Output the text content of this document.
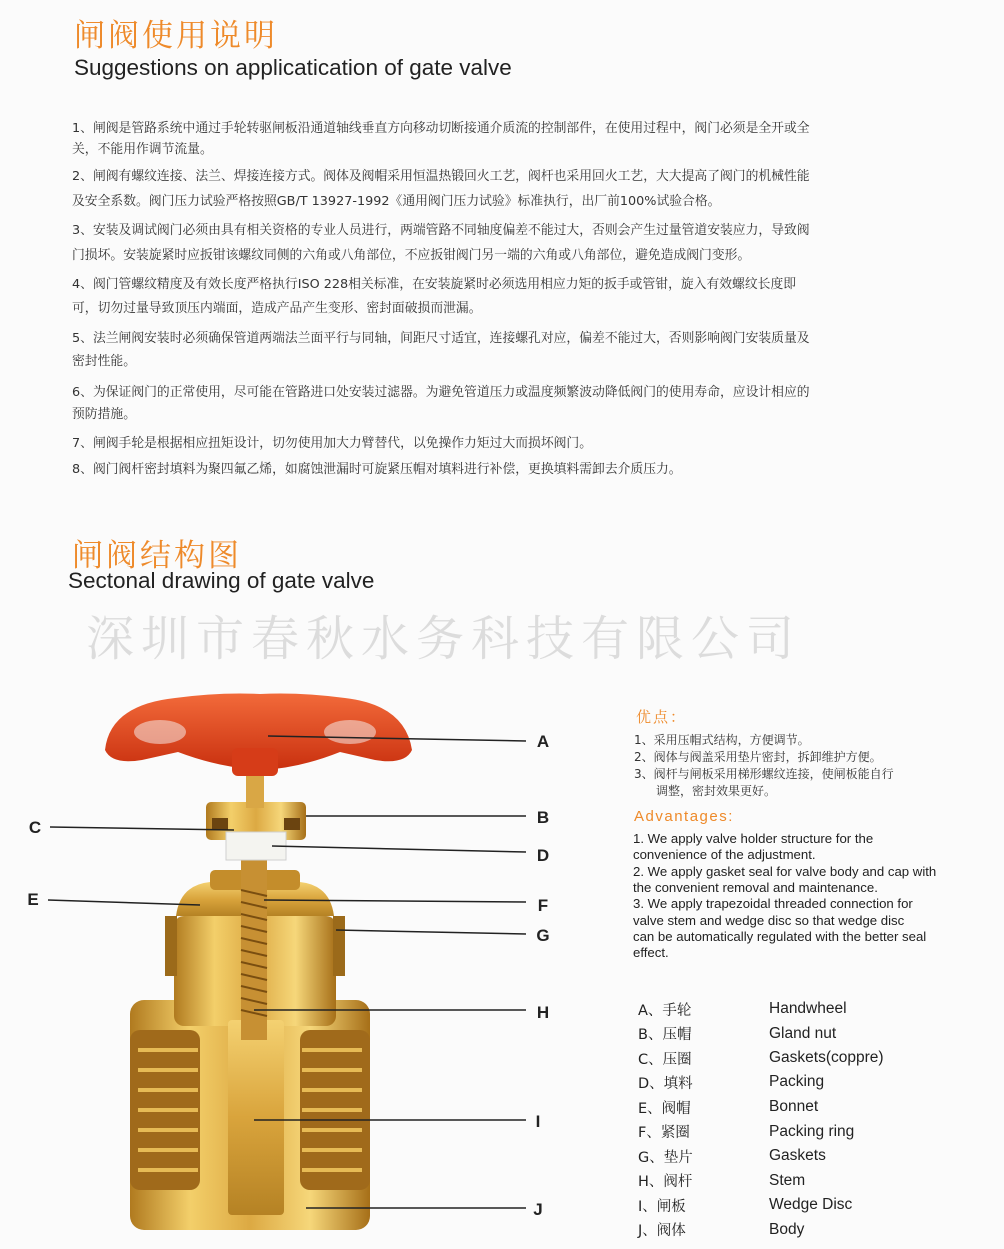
闸阀使用说明
Suggestions on applicatication of gate valve
1、闸阀是管路系统中通过手轮转驱闸板沿通道轴线垂直方向移动切断接通介质流的控制部件，在使用过程中，阀门必须是全开或全
关，不能用作调节流量。
2、闸阀有螺纹连接、法兰、焊接连接方式。阀体及阀帽采用恒温热锻回火工艺，阀杆也采用回火工艺，大大提高了阀门的机械性能
及安全系数。阀门压力试验严格按照GB/T 13927-1992《通用阀门压力试验》标准执行，出厂前100%试验合格。
3、安装及调试阀门必须由具有相关资格的专业人员进行，两端管路不同轴度偏差不能过大，否则会产生过量管道安装应力，导致阀
门损坏。安装旋紧时应扳钳该螺纹同侧的六角或八角部位，不应扳钳阀门另一端的六角或八角部位，避免造成阀门变形。
4、阀门管螺纹精度及有效长度严格执行ISO 228相关标准，在安装旋紧时必须选用相应力矩的扳手或管钳，旋入有效螺纹长度即
可，切勿过量导致顶压内端面，造成产品产生变形、密封面破损而泄漏。
5、法兰闸阀安装时必须确保管道两端法兰面平行与同轴，间距尺寸适宜，连接螺孔对应，偏差不能过大，否则影响阀门安装质量及
密封性能。
6、为保证阀门的正常使用，尽可能在管路进口处安装过滤器。为避免管道压力或温度频繁波动降低阀门的使用寿命，应设计相应的
预防措施。
7、闸阀手轮是根据相应扭矩设计，切勿使用加大力臂替代，以免操作力矩过大而损坏阀门。
8、阀门阀杆密封填料为聚四氟乙烯，如腐蚀泄漏时可旋紧压帽对填料进行补偿，更换填料需卸去介质压力。
闸阀结构图
Sectonal drawing of gate valve
深圳市春秋水务科技有限公司
C
E
A
B
D
F
G
H
I
J
优点：
1、采用压帽式结构，方便调节。
2、阀体与阀盖采用垫片密封，拆卸维护方便。
3、阀杆与闸板采用梯形螺纹连接，使闸板能自行
调整，密封效果更好。
Advantages:
1. We apply valve holder structure for the
convenience of the adjustment.
2. We apply gasket seal for valve body and cap with
the convenient removal and maintenance.
3. We apply trapezoidal threaded connection for
valve stem and wedge disc so that wedge disc
can be automatically regulated with the better seal
effect.
A、手轮	Handwheel
B、压帽	Gland nut
C、压圈	Gaskets(coppre)
D、填料	Packing
E、阀帽	Bonnet
F、紧圈	Packing ring
G、垫片	Gaskets
H、阀杆	Stem
I、闸板	Wedge Disc
J、阀体	Body
